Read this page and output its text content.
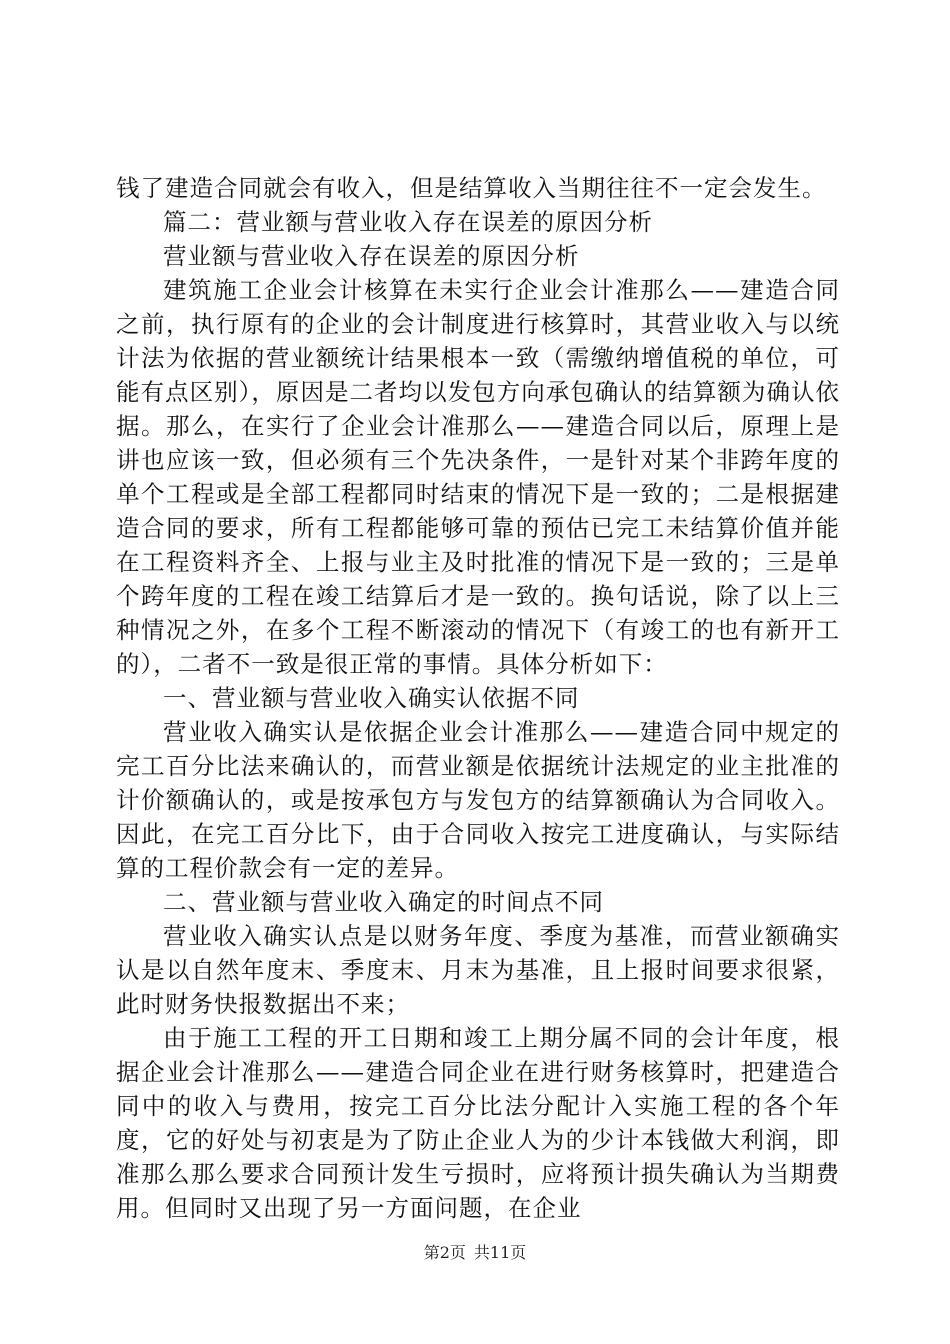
钱了建造合同就会有收入，但是结算收入当期往往不一定会发生。

篇二：营业额与营业收入存在误差的原因分析

营业额与营业收入存在误差的原因分析

建筑施工企业会计核算在未实行企业会计准那么——建造合同之前，执行原有的企业的会计制度进行核算时，其营业收入与以统计法为依据的营业额统计结果根本一致（需缴纳增值税的单位，可能有点区别），原因是二者均以发包方向承包确认的结算额为确认依据。那么，在实行了企业会计准那么——建造合同以后，原理上是讲也应该一致，但必须有三个先决条件，一是针对某个非跨年度的单个工程或是全部工程都同时结束的情况下是一致的；二是根据建造合同的要求，所有工程都能够可靠的预估已完工未结算价值并能在工程资料齐全、上报与业主及时批准的情况下是一致的；三是单个跨年度的工程在竣工结算后才是一致的。换句话说，除了以上三种情况之外，在多个工程不断滚动的情况下（有竣工的也有新开工的），二者不一致是很正常的事情。具体分析如下：

一、营业额与营业收入确实认依据不同

营业收入确实认是依据企业会计准那么——建造合同中规定的完工百分比法来确认的，而营业额是依据统计法规定的业主批准的计价额确认的，或是按承包方与发包方的结算额确认为合同收入。因此，在完工百分比下，由于合同收入按完工进度确认，与实际结算的工程价款会有一定的差异。

二、营业额与营业收入确定的时间点不同

营业收入确实认点是以财务年度、季度为基准，而营业额确实认是以自然年度末、季度末、月末为基准，且上报时间要求很紧，此时财务快报数据出不来；

由于施工工程的开工日期和竣工上期分属不同的会计年度，根据企业会计准那么——建造合同企业在进行财务核算时，把建造合同中的收入与费用，按完工百分比法分配计入实施工程的各个年度，它的好处与初衷是为了防止企业人为的少计本钱做大利润，即准那么那么要求合同预计发生亏损时，应将预计损失确认为当期费用。但同时又出现了另一方面问题，在企业

第2页 共11页
